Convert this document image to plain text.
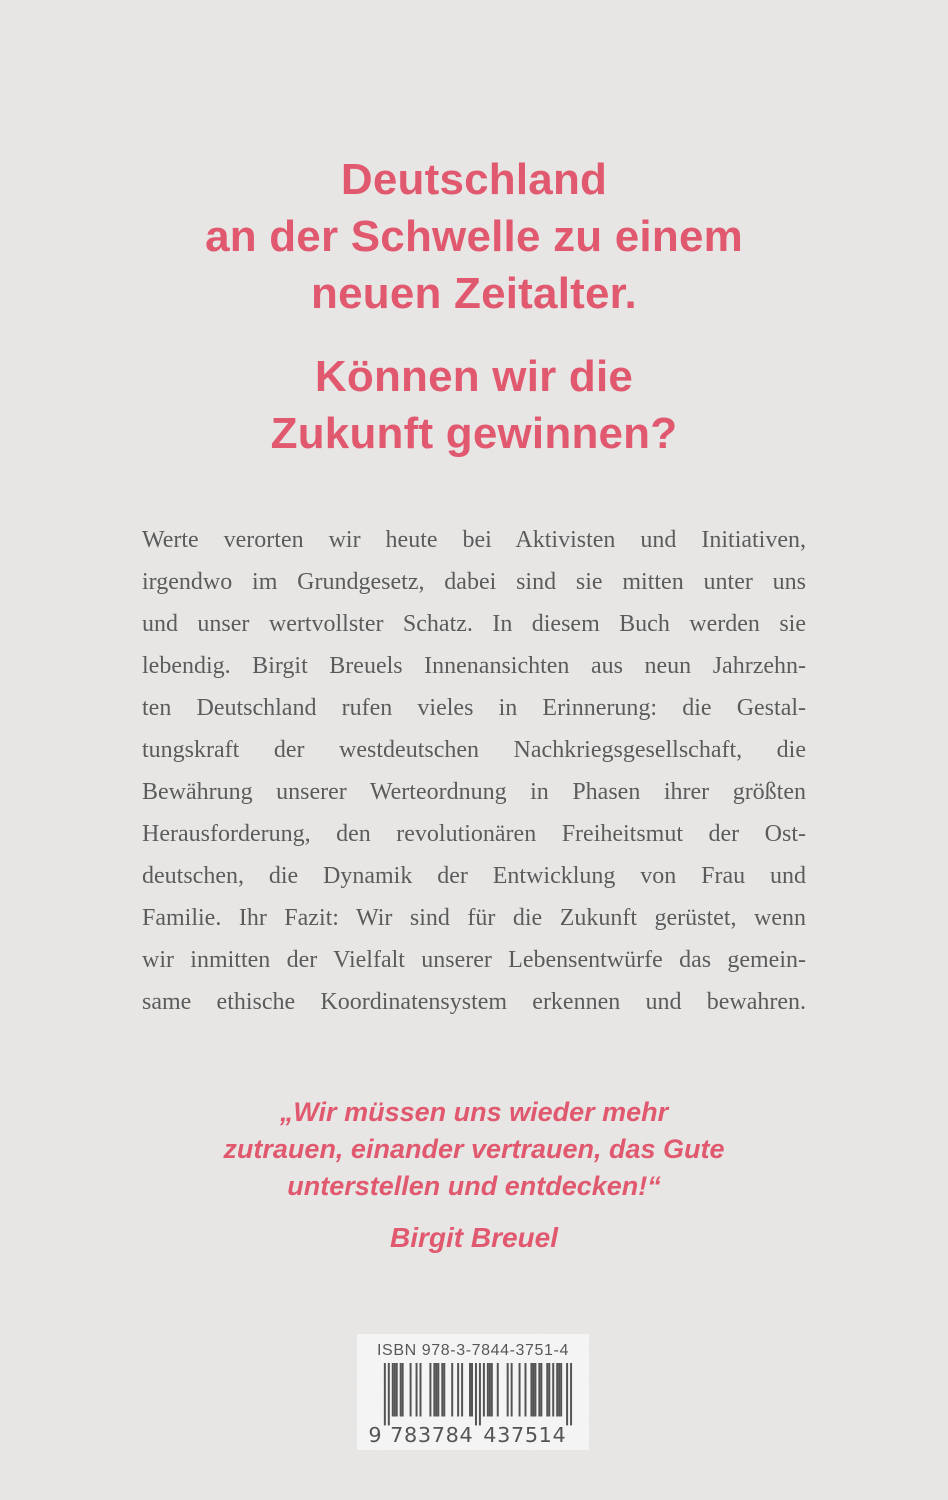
Deutschland
an der Schwelle zu einem
neuen Zeitalter.
Können wir die
Zukunft gewinnen?
Werte verorten wir heute bei Aktivisten und Initiativen,
irgendwo im Grundgesetz, dabei sind sie mitten unter uns
und unser wertvollster Schatz. In diesem Buch werden sie
lebendig. Birgit Breuels Innenansichten aus neun Jahrzehn-
ten Deutschland rufen vieles in Erinnerung: die Gestal-
tungskraft der westdeutschen Nachkriegsgesellschaft, die
Bewährung unserer Werteordnung in Phasen ihrer größten
Herausforderung, den revolutionären Freiheitsmut der Ost-
deutschen, die Dynamik der Entwicklung von Frau und
Familie. Ihr Fazit: Wir sind für die Zukunft gerüstet, wenn
wir inmitten der Vielfalt unserer Lebensentwürfe das gemein-
same ethische Koordinatensystem erkennen und bewahren.
„Wir müssen uns wieder mehr
zutrauen, einander vertrauen, das Gute
unterstellen und entdecken!“
Birgit Breuel
ISBN 978-3-7844-3751-4
9 7 8 3 7 8 4 4 3 7 5 1 4
